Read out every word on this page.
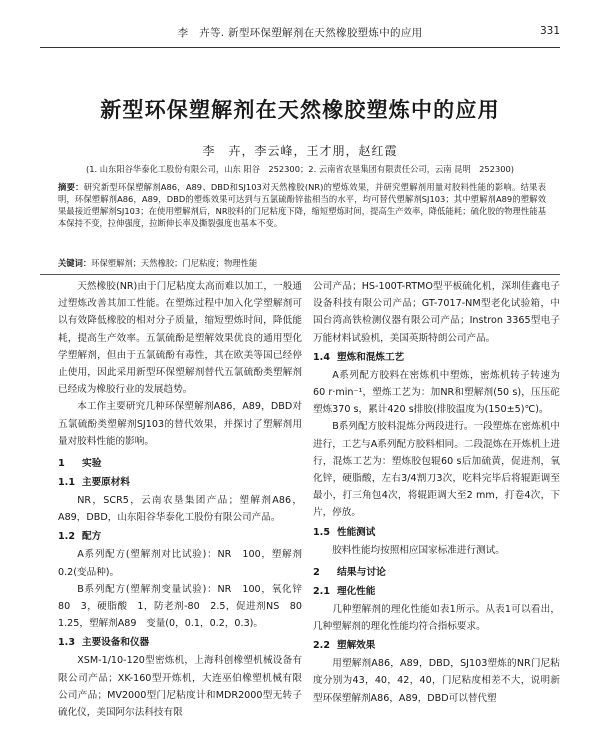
李　卉等. 新型环保塑解剂在天然橡胶塑炼中的应用	331
新型环保塑解剂在天然橡胶塑炼中的应用
李　卉，李云峰，王才朋，赵红霞
(1. 山东阳谷华泰化工股份有限公司，山东 阳谷　252300；2. 云南省农垦集团有限责任公司，云南 昆明　252300)
摘要：研究新型环保塑解剂A86，A89、DBD和SJ103对天然橡胶(NR)的塑炼效果，并研究塑解剂用量对胶料性能的影响。结果表明，环保塑解剂A86，A89，DBD的塑炼效果可达到与五氯硫酚锌盐相当的水平，均可替代塑解剂SJ103；其中塑解剂A89的塑解效果最接近塑解剂SJ103；在使用塑解剂后，NR胶料的门尼粘度下降，缩短塑炼时间，提高生产效率，降低能耗；硫化胶的物理性能基本保持不变，拉伸强度，拉断伸长率及撕裂强度也基本不变。
关键词：环保塑解剂；天然橡胶；门尼粘度；物理性能

天然橡胶(NR)由于门尼粘度太高而难以加工，一般通过塑炼改善其加工性能。在塑炼过程中加入化学塑解剂可以有效降低橡胶的相对分子质量，缩短塑炼时间，降低能耗，提高生产效率。五氯硫酚是塑解效果优良的通用型化学塑解剂，但由于五氯硫酚有毒性，其在欧美等国已经停止使用，因此采用新型环保塑解剂替代五氯硫酚类塑解剂已经成为橡胶行业的发展趋势。

本工作主要研究几种环保塑解剂A86，A89，DBD对五氯硫酚类塑解剂SJ103的替代效果，并探讨了塑解剂用量对胶料性能的影响。

1 实验
1.1 主要原材料

NR，SCR5，云南农垦集团产品；塑解剂A86，A89，DBD，山东阳谷华泰化工股份有限公司产品。

1.2 配方

A系列配方(塑解剂对比试验)：NR　100，塑解剂　0.2(变品种)。

B系列配方(塑解剂变量试验)：NR　100，氧化锌　80　3，硬脂酸　1，防老剂-80　2.5，促进剂NS　80　1.25，塑解剂A89　变量(0，0.1，0.2，0.3)。

1.3 主要设备和仪器

XSM-1/10-120型密炼机，上海科创橡塑机械设备有限公司产品；XK-160型开炼机，大连巫伯橡塑机械有限公司产品；MV2000型门尼粘度计和MDR2000型无转子硫化仪，美国阿尔法科技有限

公司产品；HS-100T-RTMO型平板硫化机，深圳佳鑫电子设备科技有限公司产品；GT-7017-NM型老化试验箱，中国台湾高铁检测仪器有限公司产品；Instron 3365型电子万能材料试验机，美国英斯特朗公司产品。

1.4 塑炼和混炼工艺

A系列配方胶料在密炼机中塑炼，密炼机转子转速为60 r·min⁻¹，塑炼工艺为：加NR和塑解剂(50 s)，压压砣塑炼370 s，累计420 s排胶(排胶温度为(150±5)℃)。

B系列配方胶料混炼分两段进行。一段塑炼在密炼机中进行，工艺与A系列配方胶料相同。二段混炼在开炼机上进行，混炼工艺为：塑炼胶包辊60 s后加硫黄，促进剂，氧化锌，硬脂酸，左右3/4割刀3次，吃料完毕后将辊距调至最小，打三角包4次，将辊距调大至2 mm，打卷4次，下片，停放。

1.5 性能测试

胶料性能均按照相应国家标准进行测试。

2 结果与讨论
2.1 理化性能

几种塑解剂的理化性能如表1所示。从表1可以看出，几种塑解剂的理化性能均符合指标要求。

2.2 塑解效果

用塑解剂A86，A89，DBD，SJ103塑炼的NR门尼粘度分别为43，40，42，40，门尼粘度相差不大，说明新型环保塑解剂A86，A89，DBD可以替代塑
